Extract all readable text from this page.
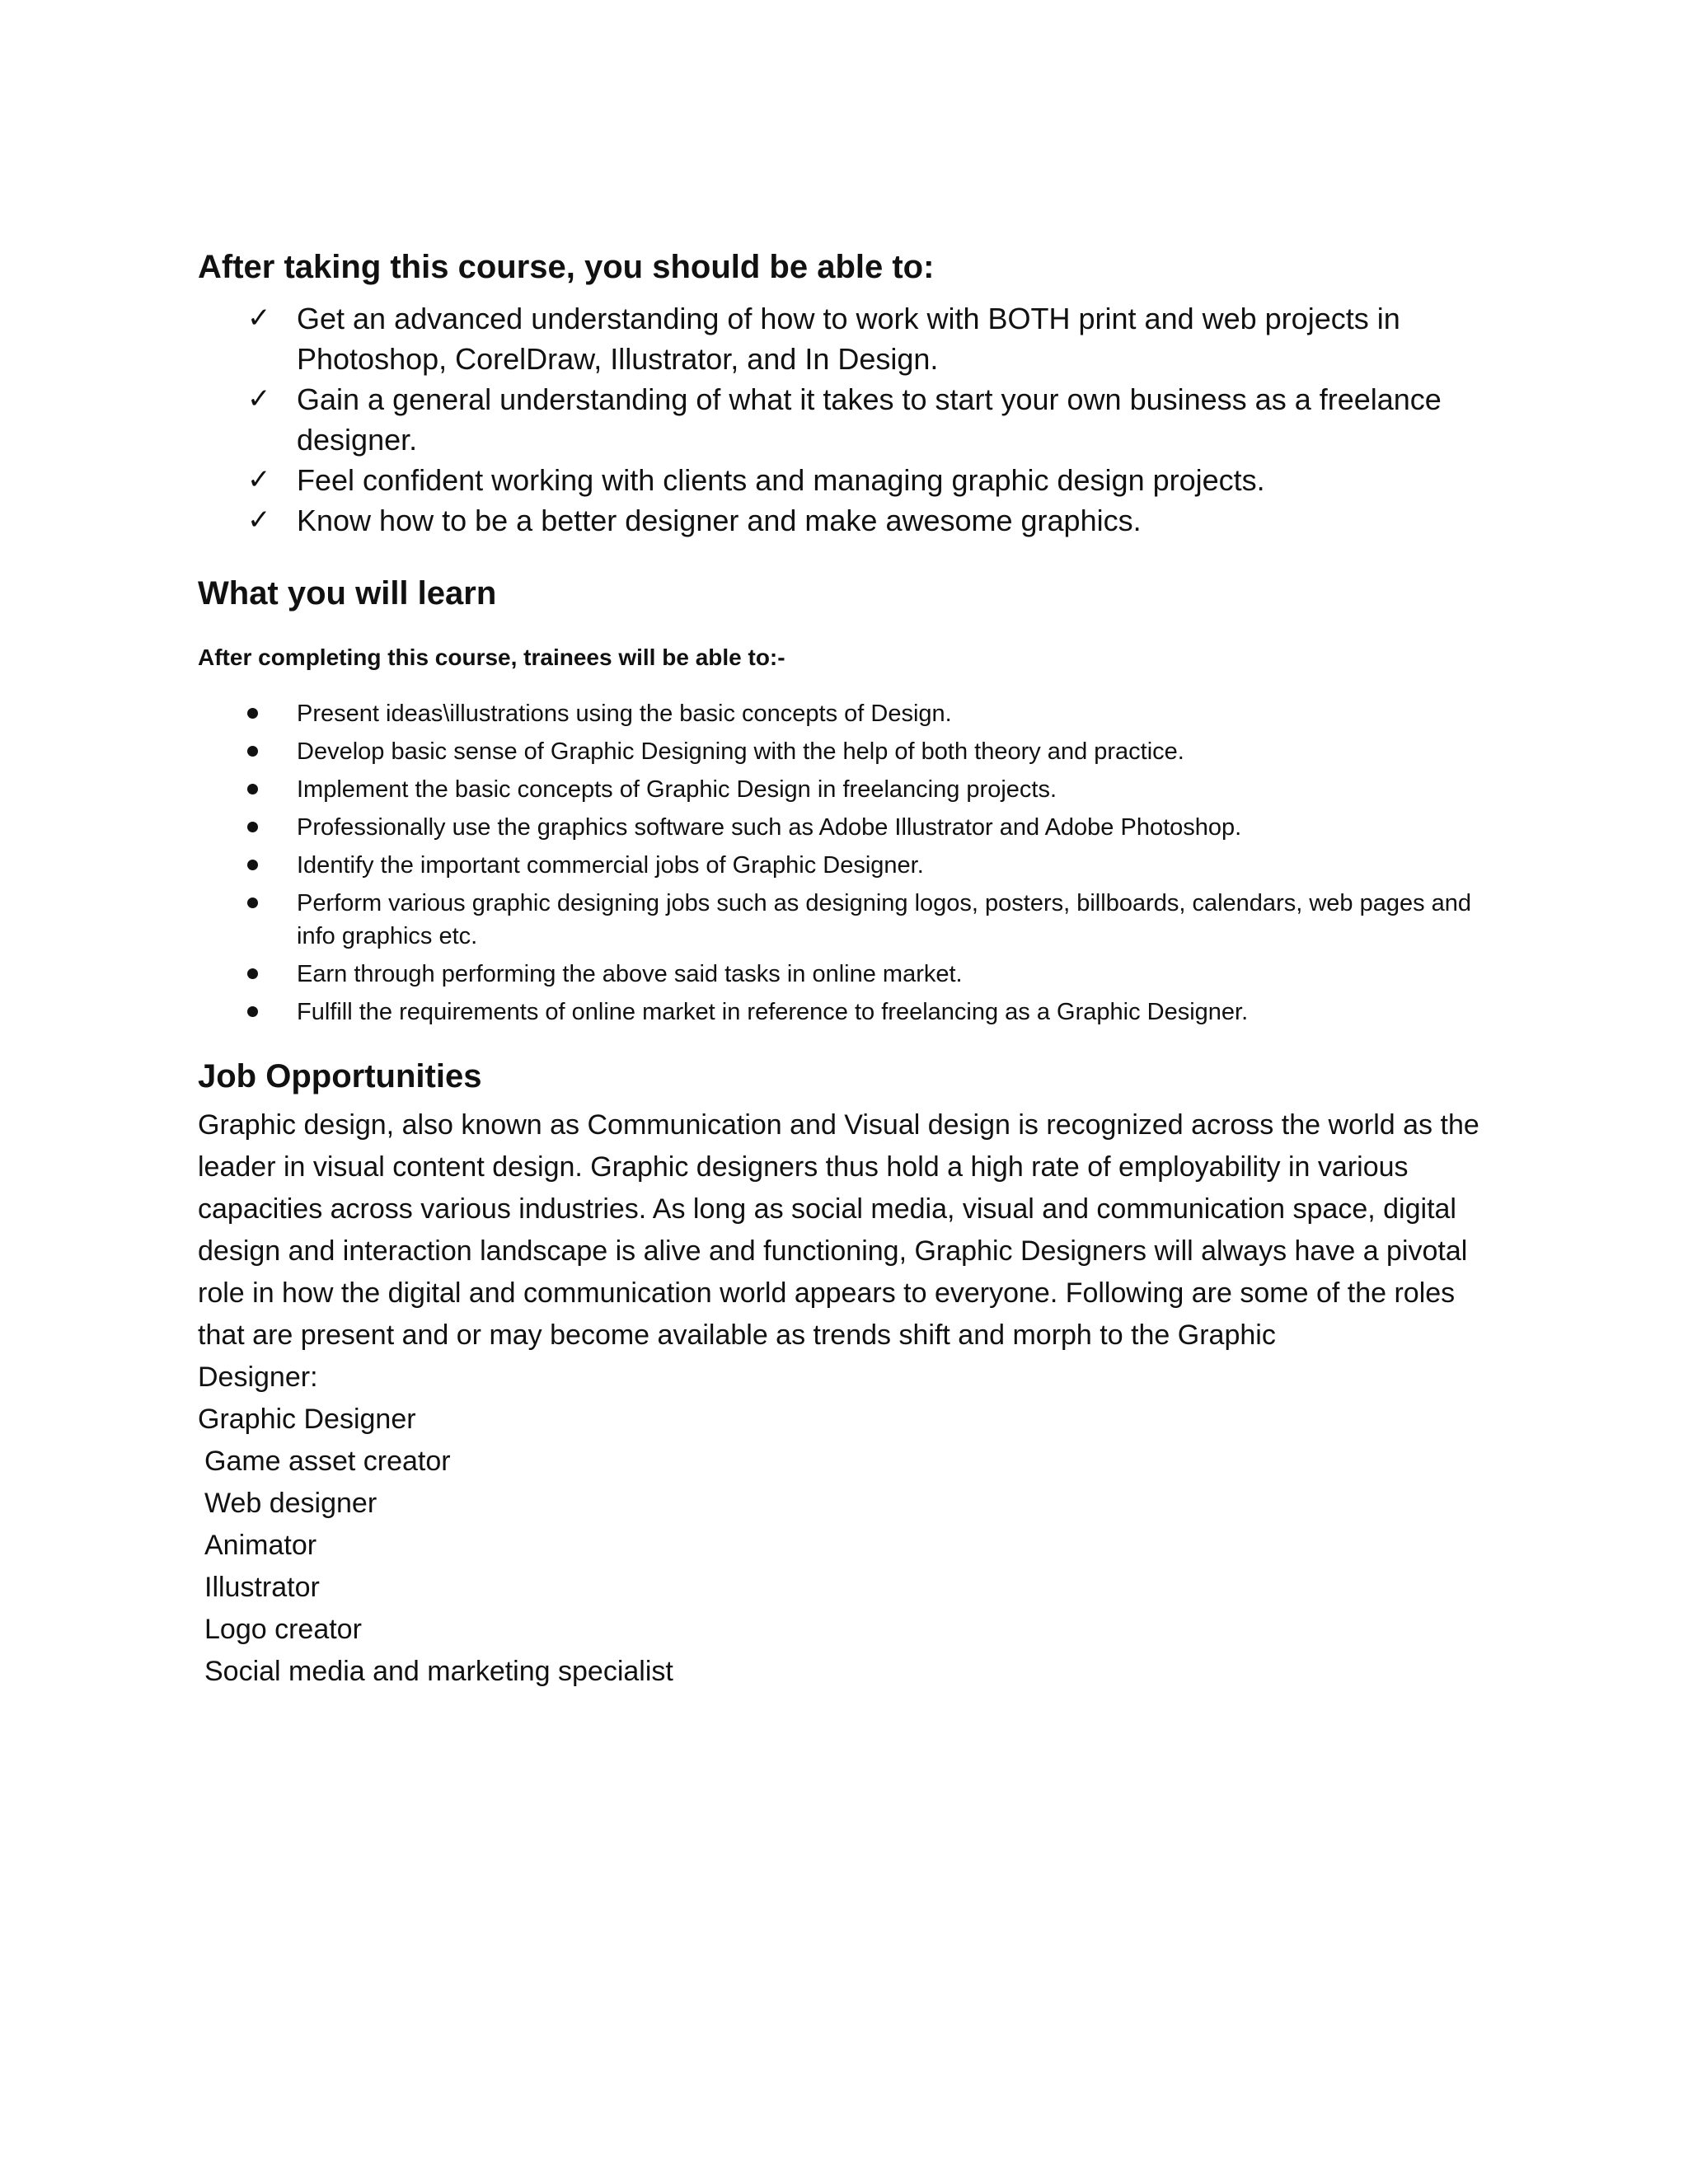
After taking this course, you should be able to:
✓ Get an advanced understanding of how to work with BOTH print and web projects in Photoshop, CorelDraw, Illustrator, and In Design.
✓ Gain a general understanding of what it takes to start your own business as a freelance designer.
✓ Feel confident working with clients and managing graphic design projects.
✓ Know how to be a better designer and make awesome graphics.
What you will learn

After completing this course, trainees will be able to:-

Present ideas\illustrations using the basic concepts of Design.
Develop basic sense of Graphic Designing with the help of both theory and practice.
Implement the basic concepts of Graphic Design in freelancing projects.
Professionally use the graphics software such as Adobe Illustrator and Adobe Photoshop.
Identify the important commercial jobs of Graphic Designer.
Perform various graphic designing jobs such as designing logos, posters, billboards, calendars, web pages and info graphics etc.
Earn through performing the above said tasks in online market.
Fulfill the requirements of online market in reference to freelancing as a Graphic Designer.
Job Opportunities

Graphic design, also known as Communication and Visual design is recognized across the world as the leader in visual content design. Graphic designers thus hold a high rate of employability in various capacities across various industries. As long as social media, visual and communication space, digital design and interaction landscape is alive and functioning, Graphic Designers will always have a pivotal role in how the digital and communication world appears to everyone. Following are some of the roles that are present and or may become available as trends shift and morph to the Graphic

Designer:

Graphic Designer
Game asset creator
Web designer
Animator
Illustrator
Logo creator
Social media and marketing specialist
